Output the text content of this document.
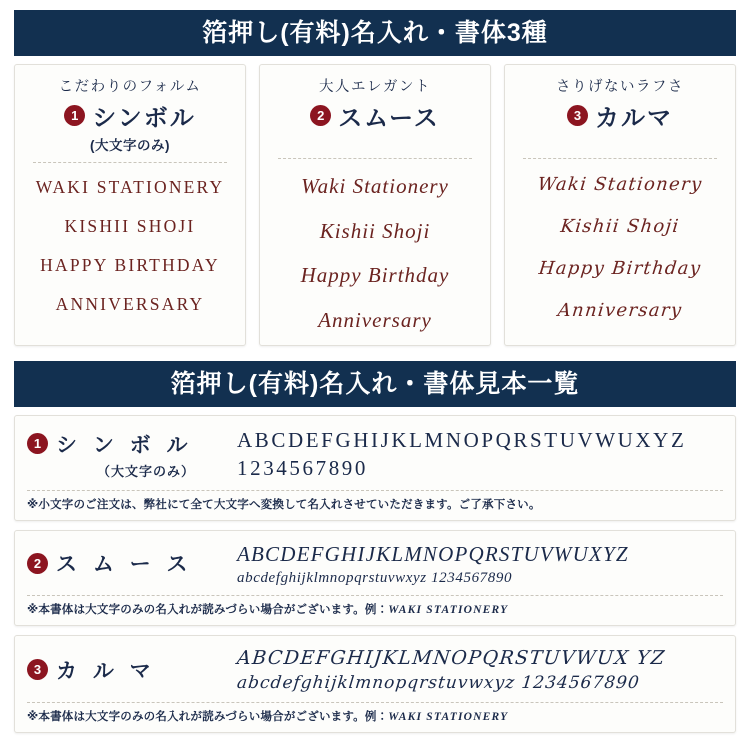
箔押し(有料)名入れ・書体3種
こだわりのフォルム
1 シンボル
(大文字のみ)
WAKI STATIONERY
KISHII SHOJI
HAPPY BIRTHDAY
ANNIVERSARY
大人エレガント
2 スムース
Waki Stationery
Kishii Shoji
Happy Birthday
Anniversary
さりげないラフさ
3 カルマ
Waki Stationery
Kishii Shoji
Happy Birthday
Anniversary
箔押し(有料)名入れ・書体見本一覧
1 シ ン ボ ル
（大文字のみ）
ABCDEFGHIJKLMNOPQRSTUVWUXYZ
1234567890
※小文字のご注文は、弊社にて全て大文字へ変換して名入れさせていただきます。ご了承下さい。
2 ス ム ー ス ABCDEFGHIJKLMNOPQRSTUVWUXYZ
abcdefghijklmnopqrstuvwxyz 1234567890
※本書体は大文字のみの名入れが読みづらい場合がございます。例：WAKI STATIONERY
3 カ ル マ
ABCDEFGHIJKLMNOPQRSTUVWUX YZ
abcdefghijklmnopqrstuvwxyz 1234567890
※本書体は大文字のみの名入れが読みづらい場合がございます。例：WAKI STATIONERY
